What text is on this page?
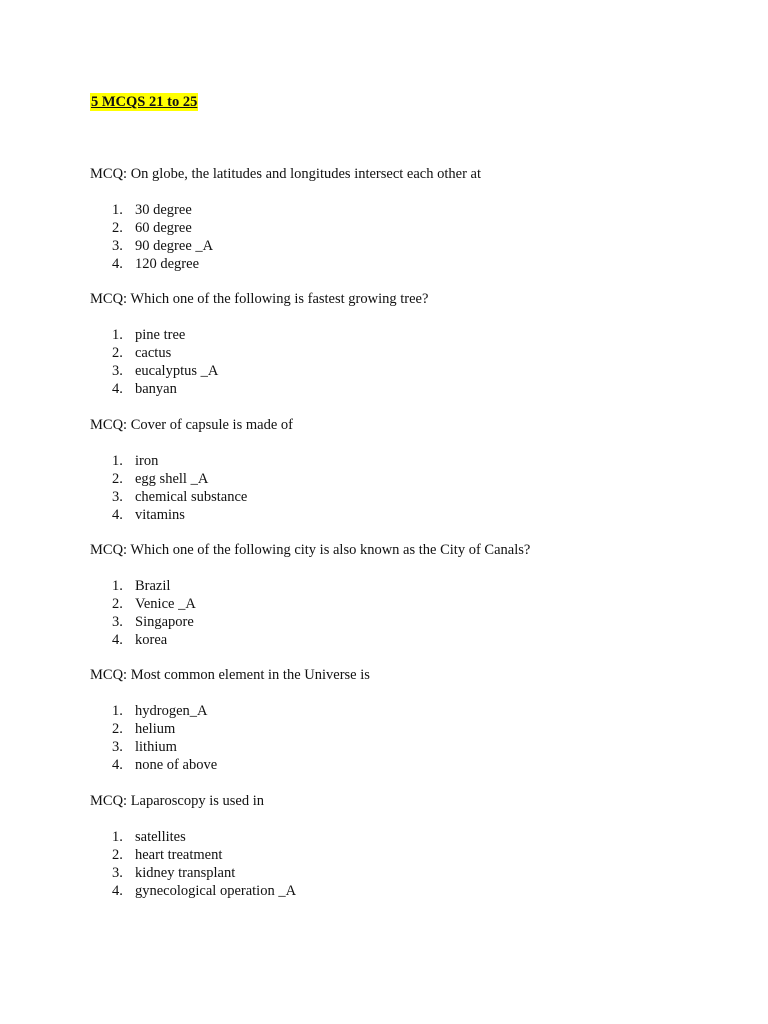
5 MCQS 21 to 25
MCQ: On globe, the latitudes and longitudes intersect each other at
1. 30 degree
2. 60 degree
3. 90 degree _A
4. 120 degree
MCQ: Which one of the following is fastest growing tree?
1. pine tree
2. cactus
3. eucalyptus _A
4. banyan
MCQ: Cover of capsule is made of
1. iron
2. egg shell _A
3. chemical substance
4. vitamins
MCQ: Which one of the following city is also known as the City of Canals?
1. Brazil
2. Venice _A
3. Singapore
4. korea
MCQ: Most common element in the Universe is
1. hydrogen_A
2. helium
3. lithium
4. none of above
MCQ: Laparoscopy is used in
1. satellites
2. heart treatment
3. kidney transplant
4. gynecological operation _A
